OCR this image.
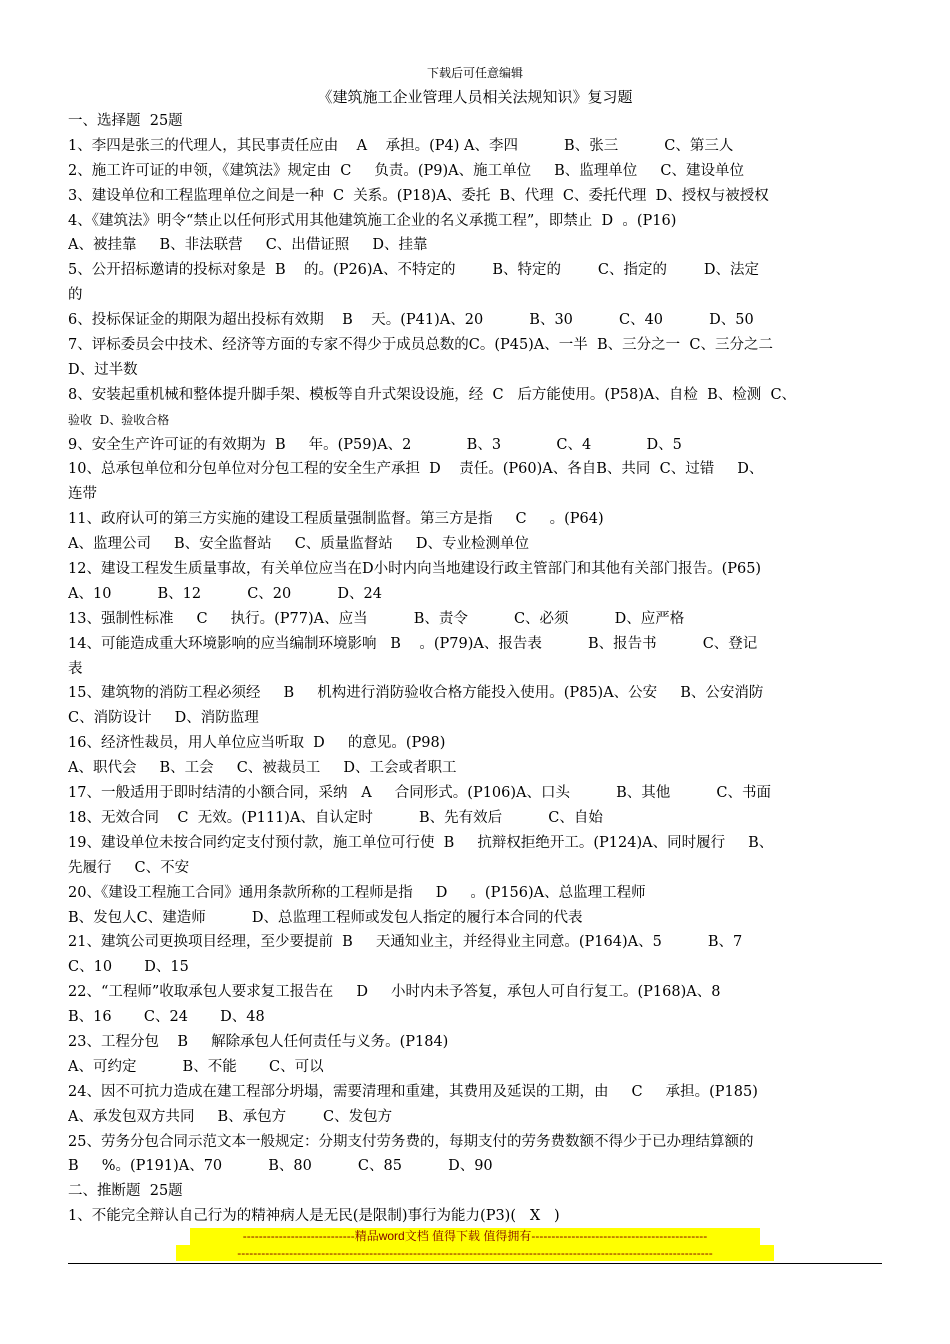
下载后可任意编辑
《建筑施工企业管理人员相关法规知识》复习题
一、选择题  25题
1、李四是张三的代理人，其民事责任应由    A    承担。(P4) A、李四          B、张三          C、第三人
2、施工许可证的申领，《建筑法》规定由  C     负责。(P9)A、施工单位     B、监理单位     C、建设单位
3、建设单位和工程监理单位之间是一种  C  关系。(P18)A、委托  B、代理  C、委托代理  D、授权与被授权
4、《建筑法》明令“禁止以任何形式用其他建筑施工企业的名义承揽工程”，即禁止  D  。(P16)
A、被挂靠     B、非法联营     C、出借证照     D、挂靠
5、公开招标邀请的投标对象是  B    的。(P26)A、不特定的        B、特定的        C、指定的        D、法定
的
6、投标保证金的期限为超出投标有效期    B    天。(P41)A、20          B、30          C、40          D、50
7、评标委员会中技术、经济等方面的专家不得少于成员总数的C。(P45)A、一半  B、三分之一  C、三分之二
D、过半数
8、安装起重机械和整体提升脚手架、模板等自升式架设设施，经  C   后方能使用。(P58)A、自检  B、检测  C、
验收  D、验收合格
9、安全生产许可证的有效期为  B     年。(P59)A、2            B、3            C、4            D、5
10、总承包单位和分包单位对分包工程的安全生产承担  D    责任。(P60)A、各自B、共同  C、过错     D、
连带
11、政府认可的第三方实施的建设工程质量强制监督。第三方是指     C     。(P64)
A、监理公司     B、安全监督站     C、质量监督站     D、专业检测单位
12、建设工程发生质量事故，有关单位应当在D小时内向当地建设行政主管部门和其他有关部门报告。(P65)
A、10          B、12          C、20          D、24
13、强制性标准     C     执行。(P77)A、应当          B、责令          C、必须          D、应严格
14、可能造成重大环境影响的应当编制环境影响   B    。(P79)A、报告表          B、报告书          C、登记
表
15、建筑物的消防工程必须经     B     机构进行消防验收合格方能投入使用。(P85)A、公安     B、公安消防
C、消防设计     D、消防监理
16、经济性裁员，用人单位应当听取  D     的意见。(P98)
A、职代会     B、工会     C、被裁员工     D、工会或者职工
17、一般适用于即时结清的小额合同，采纳   A     合同形式。(P106)A、口头          B、其他          C、书面
18、无效合同    C  无效。(P111)A、自认定时          B、先有效后          C、自始
19、建设单位未按合同约定支付预付款，施工单位可行使  B     抗辩权拒绝开工。(P124)A、同时履行     B、
先履行     C、不安
20、《建设工程施工合同》通用条款所称的工程师是指     D     。(P156)A、总监理工程师
B、发包人C、建造师          D、总监理工程师或发包人指定的履行本合同的代表
21、建筑公司更换项目经理，至少要提前  B     天通知业主，并经得业主同意。(P164)A、5          B、7
C、10       D、15
22、“工程师”收取承包人要求复工报告在     D     小时内未予答复，承包人可自行复工。(P168)A、8
B、16       C、24       D、48
23、工程分包    B     解除承包人任何责任与义务。(P184)
A、可约定          B、不能       C、可以
24、因不可抗力造成在建工程部分坍塌，需要清理和重建，其费用及延误的工期，由     C     承担。(P185)
A、承发包双方共同     B、承包方        C、发包方
25、劳务分包合同示范文本一般规定：分期支付劳务费的，每期支付的劳务费数额不得少于已办理结算额的
B     %。(P191)A、70          B、80          C、85          D、90
二、推断题  25题
1、不能完全辩认自己行为的精神病人是无民(是限制)事行为能力(P3)(   X   )
----------------------------精品word文档 值得下载 值得拥有--------------------------------------------
-----------------------------------------------------------------------------------------------------------------------
